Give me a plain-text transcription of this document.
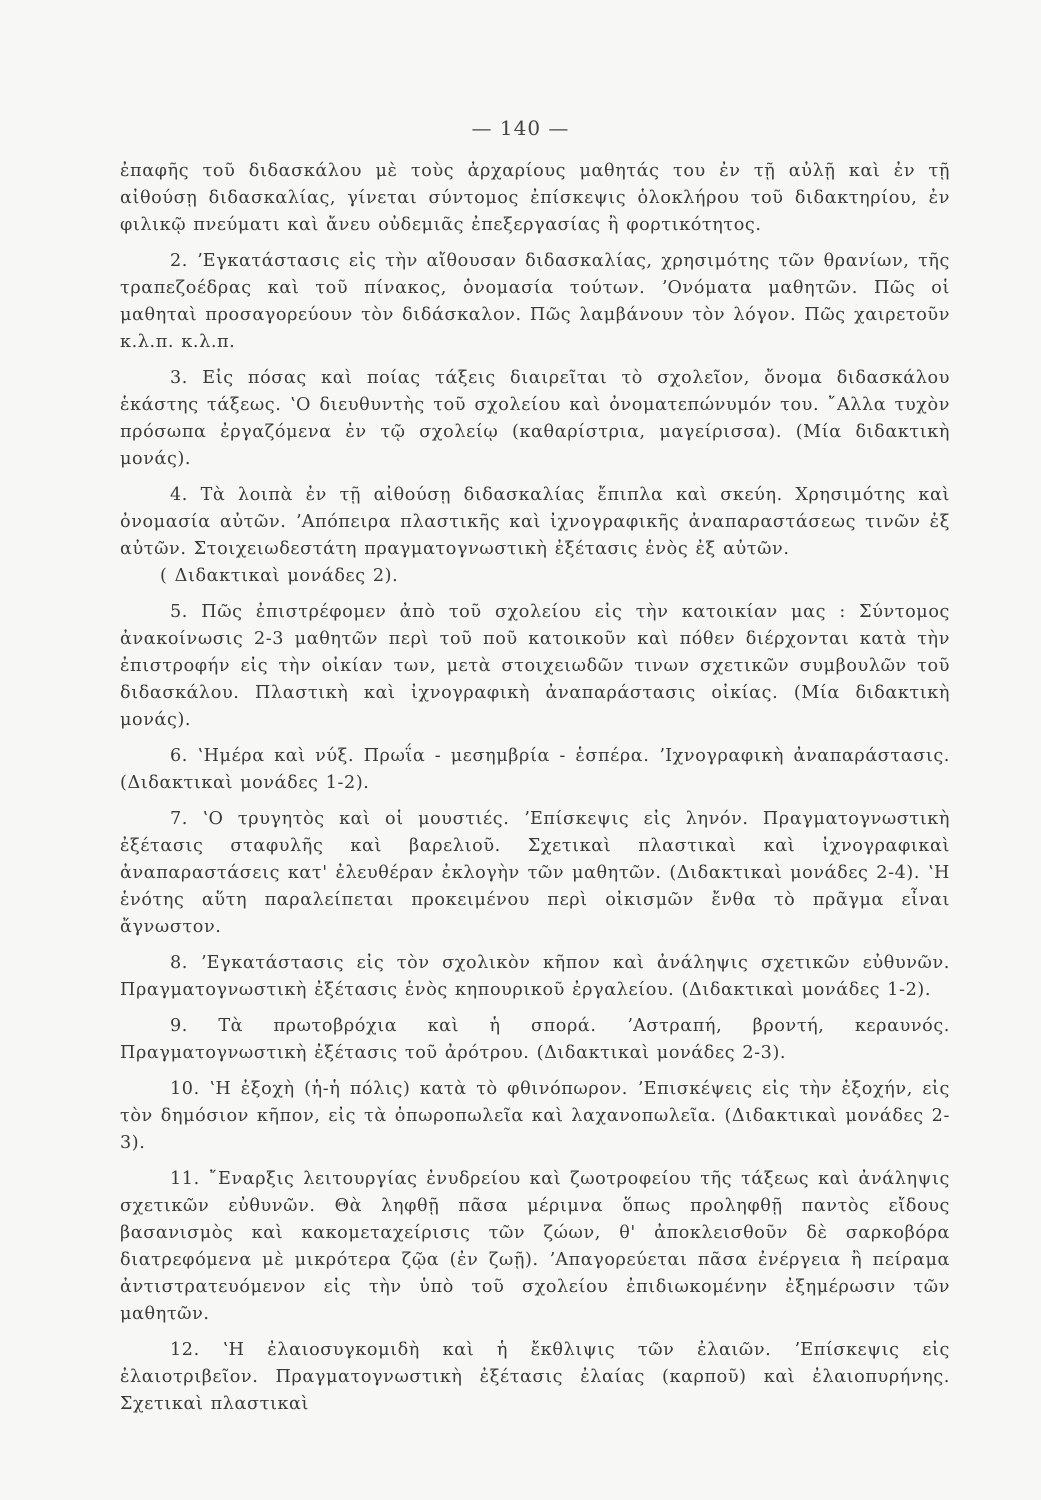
— 140 —

ἐπαφῆς τοῦ διδασκάλου μὲ τοὺς ἀρχαρίους μαθητάς του ἐν τῇ αὐλῇ καὶ ἐν τῇ αἰθούσῃ διδασκαλίας, γίνεται σύντομος ἐπίσκεψις ὁλοκλήρου τοῦ διδακτηρίου, ἐν φιλικῷ πνεύματι καὶ ἄνευ οὐδεμιᾶς ἐπεξεργασίας ἢ φορτικότητος.

2. ʼΕγκατάστασις εἰς τὴν αἴθουσαν διδασκαλίας, χρησιμότης τῶν θρανίων, τῆς τραπεζοέδρας καὶ τοῦ πίνακος, ὀνομασία τούτων. ʼΟνόματα μαθητῶν. Πῶς οἱ μαθηταὶ προσαγορεύουν τὸν διδάσκαλον. Πῶς λαμβάνουν τὸν λόγον. Πῶς χαιρετοῦν κ.λ.π. κ.λ.π.

3. Εἰς πόσας καὶ ποίας τάξεις διαιρεῖται τὸ σχολεῖον, ὄνομα διδασκάλου ἑκάστης τάξεως. ʽΟ διευθυντὴς τοῦ σχολείου καὶ ὀνοματεπώνυμόν του. ῎Αλλα τυχὸν πρόσωπα ἐργαζόμενα ἐν τῷ σχολείῳ (καθαρίστρια, μαγείρισσα). (Μία διδακτικὴ μονάς).

4. Τὰ λοιπὰ ἐν τῇ αἰθούσῃ διδασκαλίας ἔπιπλα καὶ σκεύη. Χρησιμότης καὶ ὀνομασία αὐτῶν. ʼΑπόπειρα πλαστικῆς καὶ ἰχνογραφικῆς ἀναπαραστάσεως τινῶν ἐξ αὐτῶν. Στοιχειωδεστάτη πραγματογνωστικὴ ἐξέτασις ἑνὸς ἐξ αὐτῶν.

( Διδακτικαὶ μονάδες 2).

5. Πῶς ἐπιστρέφομεν ἀπὸ τοῦ σχολείου εἰς τὴν κατοικίαν μας : Σύντομος ἀνακοίνωσις 2-3 μαθητῶν περὶ τοῦ ποῦ κατοικοῦν καὶ πόθεν διέρχονται κατὰ τὴν ἐπιστροφήν εἰς τὴν οἰκίαν των, μετὰ στοιχειωδῶν τινων σχετικῶν συμβουλῶν τοῦ διδασκάλου. Πλαστικὴ καὶ ἰχνογραφικὴ ἀναπαράστασις οἰκίας. (Μία διδακτικὴ μονάς).

6. ʽΗμέρα καὶ νύξ. Πρωΐα - μεσημβρία - ἑσπέρα. ʼΙχνογραφικὴ ἀναπαράστασις. (Διδακτικαὶ μονάδες 1-2).

7. ʽΟ τρυγητὸς καὶ οἱ μουστιές. ʼΕπίσκεψις εἰς ληνόν. Πραγματογνωστικὴ ἐξέτασις σταφυλῆς καὶ βαρελιοῦ. Σχετικαὶ πλαστικαὶ καὶ ἰχνογραφικαὶ ἀναπαραστάσεις κατ' ἐλευθέραν ἐκλογὴν τῶν μαθητῶν. (Διδακτικαὶ μονάδες 2-4). ʽΗ ἑνότης αὕτη παραλείπεται προκειμένου περὶ οἰκισμῶν ἔνθα τὸ πρᾶγμα εἶναι ἄγνωστον.

8. ʼΕγκατάστασις εἰς τὸν σχολικὸν κῆπον καὶ ἀνάληψις σχετικῶν εὐθυνῶν. Πραγματογνωστικὴ ἐξέτασις ἑνὸς κηπουρικοῦ ἐργαλείου. (Διδακτικαὶ μονάδες 1-2).

9. Τὰ πρωτοβρόχια καὶ ἡ σπορά. ʼΑστραπή, βροντή, κεραυνός. Πραγματογνωστικὴ ἐξέτασις τοῦ ἀρότρου. (Διδακτικαὶ μονάδες 2-3).

10. ʽΗ ἐξοχὴ (ἡ-ἡ πόλις) κατὰ τὸ φθινόπωρον. ʼΕπισκέψεις εἰς τὴν ἐξοχήν, εἰς τὸν δημόσιον κῆπον, εἰς τὰ ὀπωροπωλεῖα καὶ λαχανοπωλεῖα. (Διδακτικαὶ μονάδες 2-3).

11. ῎Εναρξις λειτουργίας ἐνυδρείου καὶ ζωοτροφείου τῆς τάξεως καὶ ἀνάληψις σχετικῶν εὐθυνῶν. Θὰ ληφθῇ πᾶσα μέριμνα ὅπως προληφθῇ παντὸς εἴδους βασανισμὸς καὶ κακομεταχείρισις τῶν ζώων, θ' ἀποκλεισθοῦν δὲ σαρκοβόρα διατρεφόμενα μὲ μικρότερα ζῷα (ἐν ζωῇ). ʼΑπαγορεύεται πᾶσα ἐνέργεια ἢ πείραμα ἀντιστρατευόμενον εἰς τὴν ὑπὸ τοῦ σχολείου ἐπιδιωκομένην ἐξημέρωσιν τῶν μαθητῶν.

12. ʽΗ ἐλαιοσυγκομιδὴ καὶ ἡ ἔκθλιψις τῶν ἐλαιῶν. ʼΕπίσκεψις εἰς ἐλαιοτριβεῖον. Πραγματογνωστικὴ ἐξέτασις ἐλαίας (καρποῦ) καὶ ἐλαιοπυρήνης. Σχετικαὶ πλαστικαὶ
